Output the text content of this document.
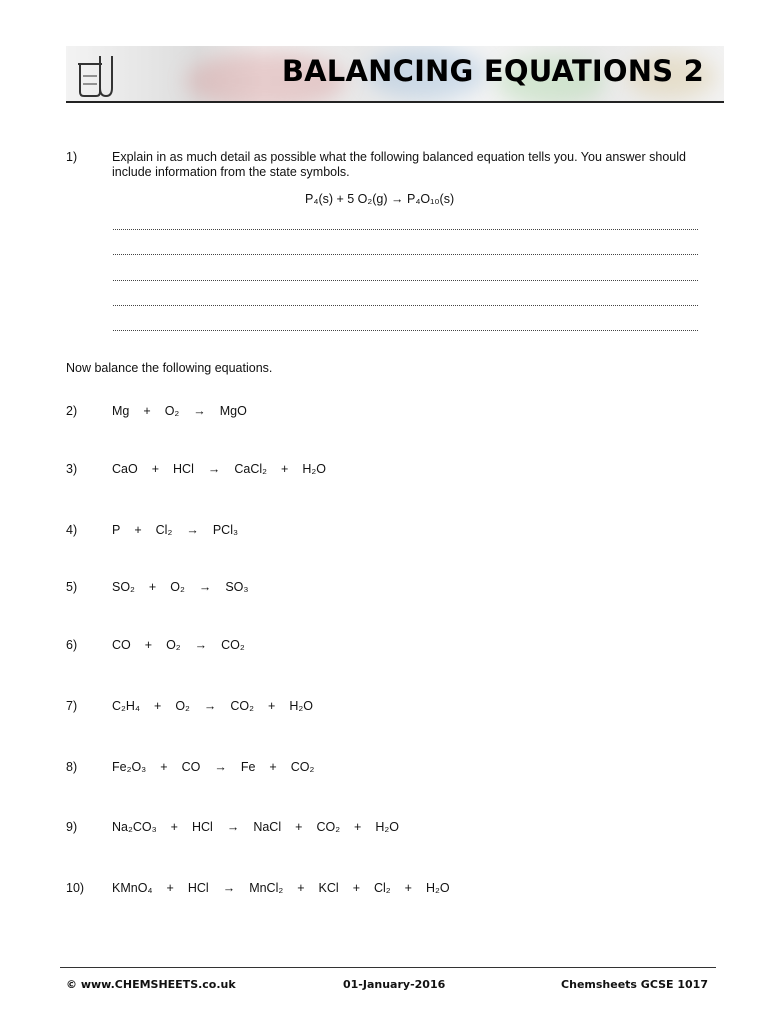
BALANCING EQUATIONS 2
1)	Explain in as much detail as possible what the following balanced equation tells you. You answer should include information from the state symbols.
P₄(s) + 5 O₂(g) → P₄O₁₀(s)
Now balance the following equations.
2)	Mg + O₂ → MgO
3)	CaO + HCl → CaCl₂ + H₂O
4)	P + Cl₂ → PCl₃
5)	SO₂ + O₂ → SO₃
6)	CO + O₂ → CO₂
7)	C₂H₄ + O₂ → CO₂ + H₂O
8)	Fe₂O₃ + CO → Fe + CO₂
9)	Na₂CO₃ + HCl → NaCl + CO₂ + H₂O
10) KMnO₄ + HCl → MnCl₂ + KCl + Cl₂ + H₂O
© www.CHEMSHEETS.co.uk	01-January-2016	Chemsheets GCSE 1017
